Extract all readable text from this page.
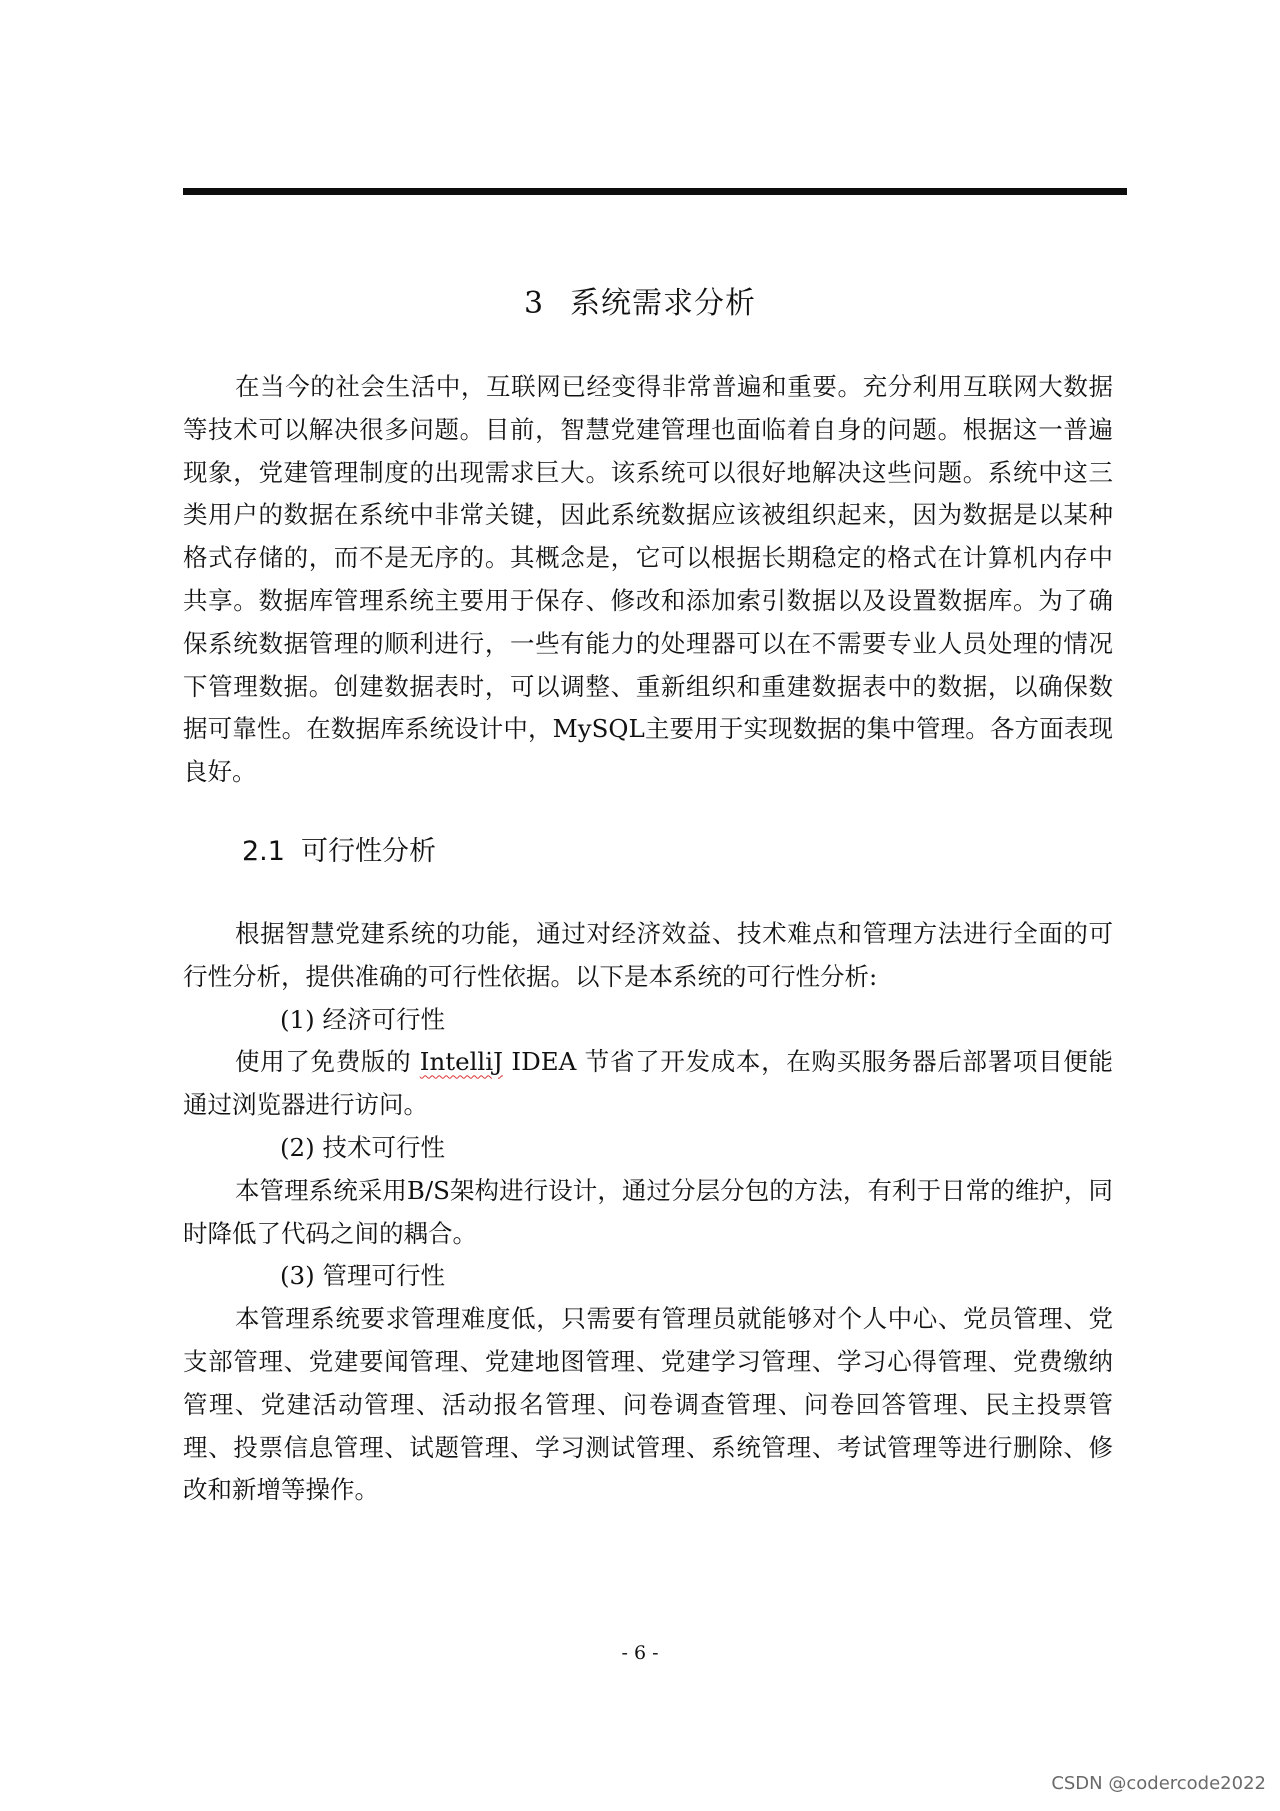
3 系统需求分析

在当今的社会生活中，互联网已经变得非常普遍和重要。充分利用互联网大数据等技术可以解决很多问题。目前，智慧党建管理也面临着自身的问题。根据这一普遍现象，党建管理制度的出现需求巨大。该系统可以很好地解决这些问题。系统中这三类用户的数据在系统中非常关键，因此系统数据应该被组织起来，因为数据是以某种格式存储的，而不是无序的。其概念是，它可以根据长期稳定的格式在计算机内存中共享。数据库管理系统主要用于保存、修改和添加索引数据以及设置数据库。为了确保系统数据管理的顺利进行，一些有能力的处理器可以在不需要专业人员处理的情况下管理数据。创建数据表时，可以调整、重新组织和重建数据表中的数据，以确保数据可靠性。在数据库系统设计中，MySQL主要用于实现数据的集中管理。各方面表现良好。

2.1 可行性分析

根据智慧党建系统的功能，通过对经济效益、技术难点和管理方法进行全面的可行性分析，提供准确的可行性依据。以下是本系统的可行性分析:

(1) 经济可行性

使用了免费版的 IntelliJ IDEA 节省了开发成本，在购买服务器后部署项目便能通过浏览器进行访问。

(2) 技术可行性

本管理系统采用B/S架构进行设计，通过分层分包的方法，有利于日常的维护，同时降低了代码之间的耦合。

(3) 管理可行性

本管理系统要求管理难度低，只需要有管理员就能够对个人中心、党员管理、党支部管理、党建要闻管理、党建地图管理、党建学习管理、学习心得管理、党费缴纳管理、党建活动管理、活动报名管理、问卷调查管理、问卷回答管理、民主投票管理、投票信息管理、试题管理、学习测试管理、系统管理、考试管理等进行删除、修改和新增等操作。

- 6 -
CSDN @codercode2022
